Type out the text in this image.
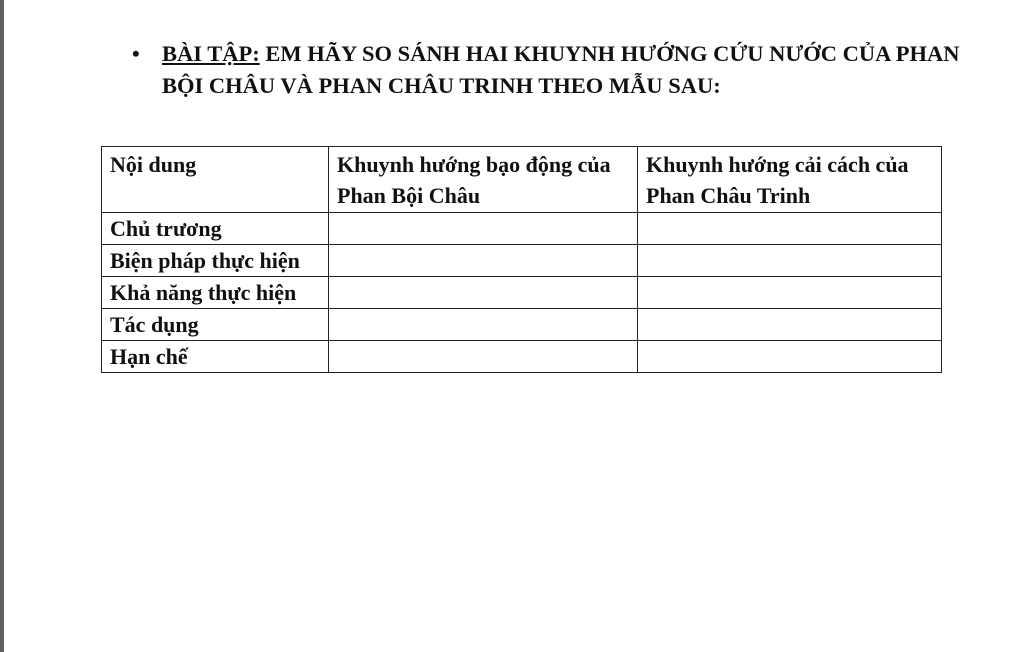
• BÀI TẬP: EM HÃY SO SÁNH HAI KHUYNH HƯỚNG CỨU NƯỚC CỦA PHAN BỘI CHÂU VÀ PHAN CHÂU TRINH THEO MẪU SAU:
Nội dung	Khuynh hướng bạo động của Phan Bội Châu	Khuynh hướng cải cách của Phan Châu Trinh
Chủ trương		
Biện pháp thực hiện		
Khả năng thực hiện		
Tác dụng		
Hạn chế		
